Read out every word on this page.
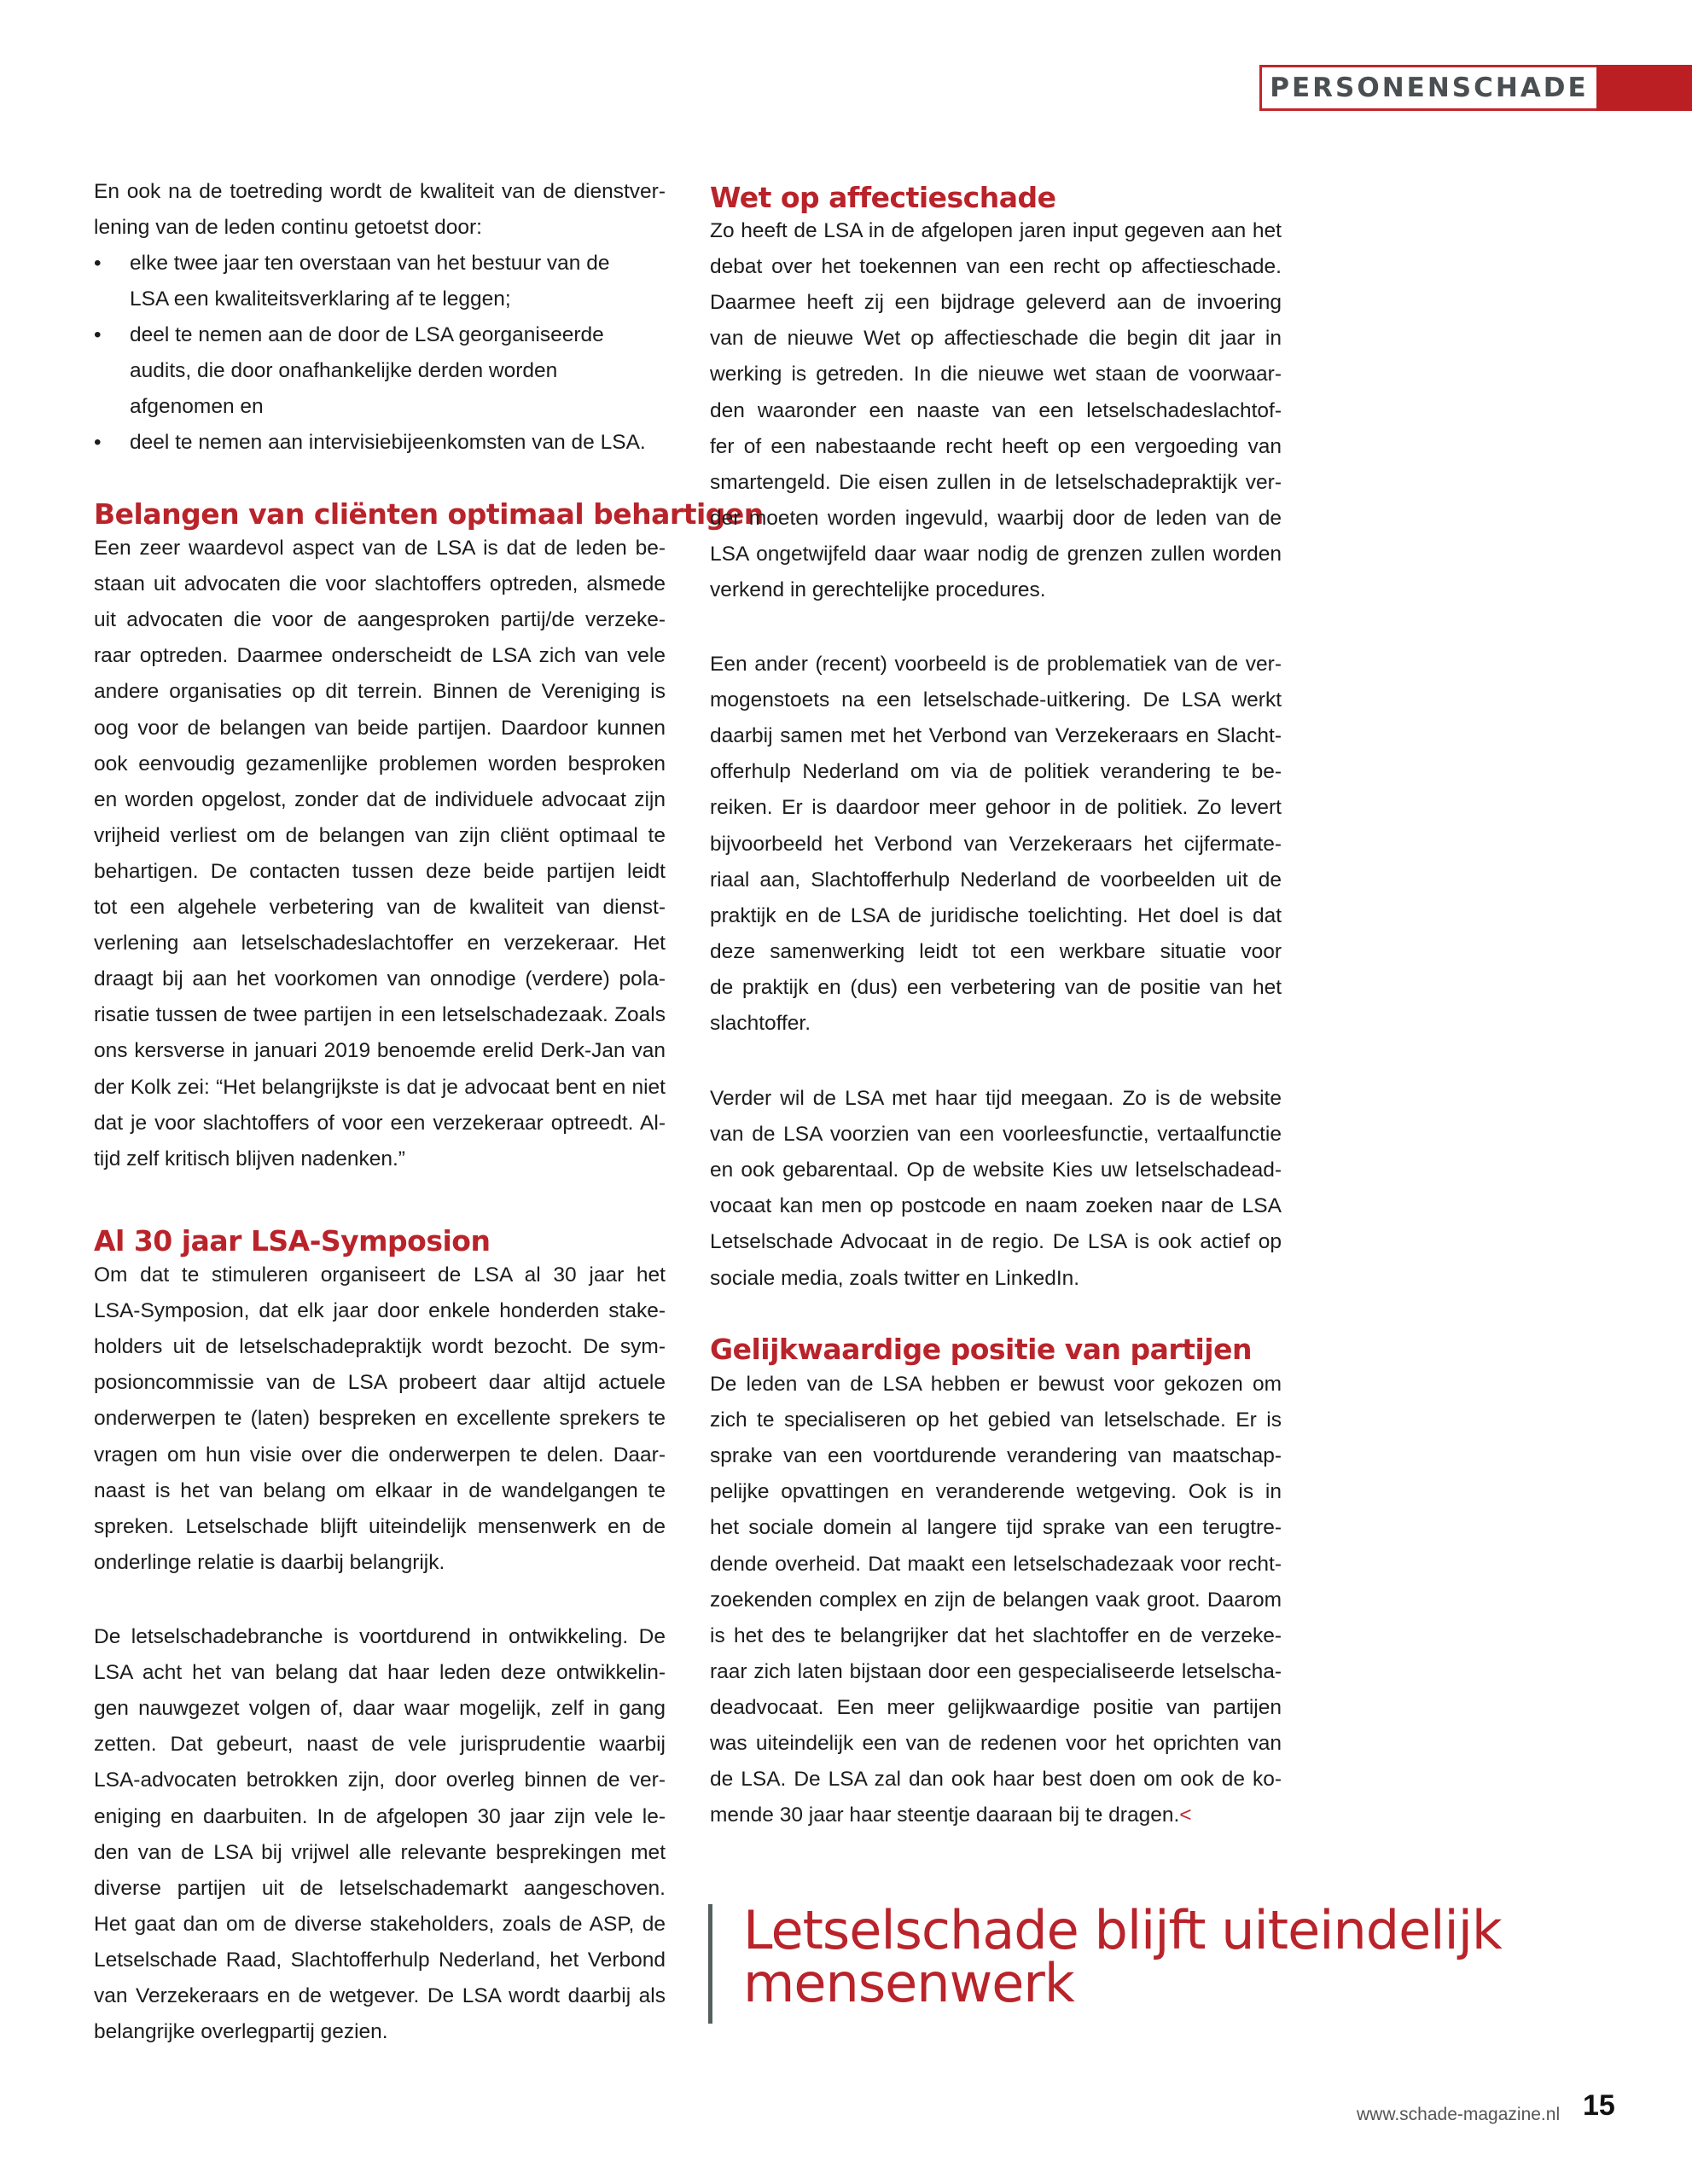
PERSONENSCHADE
En ook na de toetreding wordt de kwaliteit van de dienstver-
lening van de leden continu getoetst door:
• elke twee jaar ten overstaan van het bestuur van de
LSA een kwaliteitsverklaring af te leggen;
• deel te nemen aan de door de LSA georganiseerde
audits, die door onafhankelijke derden worden
afgenomen en
• deel te nemen aan intervisiebijeenkomsten van de LSA.
Belangen van cliënten optimaal behartigen
Een zeer waardevol aspect van de LSA is dat de leden be-
staan uit advocaten die voor slachtoffers optreden, alsmede
uit advocaten die voor de aangesproken partij/de verzeke-
raar optreden. Daarmee onderscheidt de LSA zich van vele
andere organisaties op dit terrein. Binnen de Vereniging is
oog voor de belangen van beide partijen. Daardoor kunnen
ook eenvoudig gezamenlijke problemen worden besproken
en worden opgelost, zonder dat de individuele advocaat zijn
vrijheid verliest om de belangen van zijn cliënt optimaal te
behartigen. De contacten tussen deze beide partijen leidt
tot een algehele verbetering van de kwaliteit van dienst-
verlening aan letselschadeslachtoffer en verzekeraar. Het
draagt bij aan het voorkomen van onnodige (verdere) pola-
risatie tussen de twee partijen in een letselschadezaak. Zoals
ons kersverse in januari 2019 benoemde erelid Derk-Jan van
der Kolk zei: “Het belangrijkste is dat je advocaat bent en niet
dat je voor slachtoffers of voor een verzekeraar optreedt. Al-
tijd zelf kritisch blijven nadenken.”
Al 30 jaar LSA-Symposion
Om dat te stimuleren organiseert de LSA al 30 jaar het
LSA-Symposion, dat elk jaar door enkele honderden stake-
holders uit de letselschadepraktijk wordt bezocht. De sym-
posioncommissie van de LSA probeert daar altijd actuele
onderwerpen te (laten) bespreken en excellente sprekers te
vragen om hun visie over die onderwerpen te delen. Daar-
naast is het van belang om elkaar in de wandelgangen te
spreken. Letselschade blijft uiteindelijk mensenwerk en de
onderlinge relatie is daarbij belangrijk.
De letselschadebranche is voortdurend in ontwikkeling. De
LSA acht het van belang dat haar leden deze ontwikkelin-
gen nauwgezet volgen of, daar waar mogelijk, zelf in gang
zetten. Dat gebeurt, naast de vele jurisprudentie waarbij
LSA-advocaten betrokken zijn, door overleg binnen de ver-
eniging en daarbuiten. In de afgelopen 30 jaar zijn vele le-
den van de LSA bij vrijwel alle relevante besprekingen met
diverse partijen uit de letselschademarkt aangeschoven.
Het gaat dan om de diverse stakeholders, zoals de ASP, de
Letselschade Raad, Slachtofferhulp Nederland, het Verbond
van Verzekeraars en de wetgever. De LSA wordt daarbij als
belangrijke overlegpartij gezien.
Wet op affectieschade
Zo heeft de LSA in de afgelopen jaren input gegeven aan het
debat over het toekennen van een recht op affectieschade.
Daarmee heeft zij een bijdrage geleverd aan de invoering
van de nieuwe Wet op affectieschade die begin dit jaar in
werking is getreden. In die nieuwe wet staan de voorwaar-
den waaronder een naaste van een letselschadeslachtof-
fer of een nabestaande recht heeft op een vergoeding van
smartengeld. Die eisen zullen in de letselschadepraktijk ver-
der moeten worden ingevuld, waarbij door de leden van de
LSA ongetwijfeld daar waar nodig de grenzen zullen worden
verkend in gerechtelijke procedures.
Een ander (recent) voorbeeld is de problematiek van de ver-
mogenstoets na een letselschade-uitkering. De LSA werkt
daarbij samen met het Verbond van Verzekeraars en Slacht-
offerhulp Nederland om via de politiek verandering te be-
reiken. Er is daardoor meer gehoor in de politiek. Zo levert
bijvoorbeeld het Verbond van Verzekeraars het cijfermate-
riaal aan, Slachtofferhulp Nederland de voorbeelden uit de
praktijk en de LSA de juridische toelichting. Het doel is dat
deze samenwerking leidt tot een werkbare situatie voor
de praktijk en (dus) een verbetering van de positie van het
slachtoffer.
Verder wil de LSA met haar tijd meegaan. Zo is de website
van de LSA voorzien van een voorleesfunctie, vertaalfunctie
en ook gebarentaal. Op de website Kies uw letselschadead-
vocaat kan men op postcode en naam zoeken naar de LSA
Letselschade Advocaat in de regio. De LSA is ook actief op
sociale media, zoals twitter en LinkedIn.
Gelijkwaardige positie van partijen
De leden van de LSA hebben er bewust voor gekozen om
zich te specialiseren op het gebied van letselschade. Er is
sprake van een voortdurende verandering van maatschap-
pelijke opvattingen en veranderende wetgeving. Ook is in
het sociale domein al langere tijd sprake van een terugtre-
dende overheid. Dat maakt een letselschadezaak voor recht-
zoekenden complex en zijn de belangen vaak groot. Daarom
is het des te belangrijker dat het slachtoffer en de verzeke-
raar zich laten bijstaan door een gespecialiseerde letselscha-
deadvocaat. Een meer gelijkwaardige positie van partijen
was uiteindelijk een van de redenen voor het oprichten van
de LSA. De LSA zal dan ook haar best doen om ook de ko-
mende 30 jaar haar steentje daaraan bij te dragen.<
Letselschade blijft uiteindelijk
mensenwerk
www.schade-magazine.nl 15
